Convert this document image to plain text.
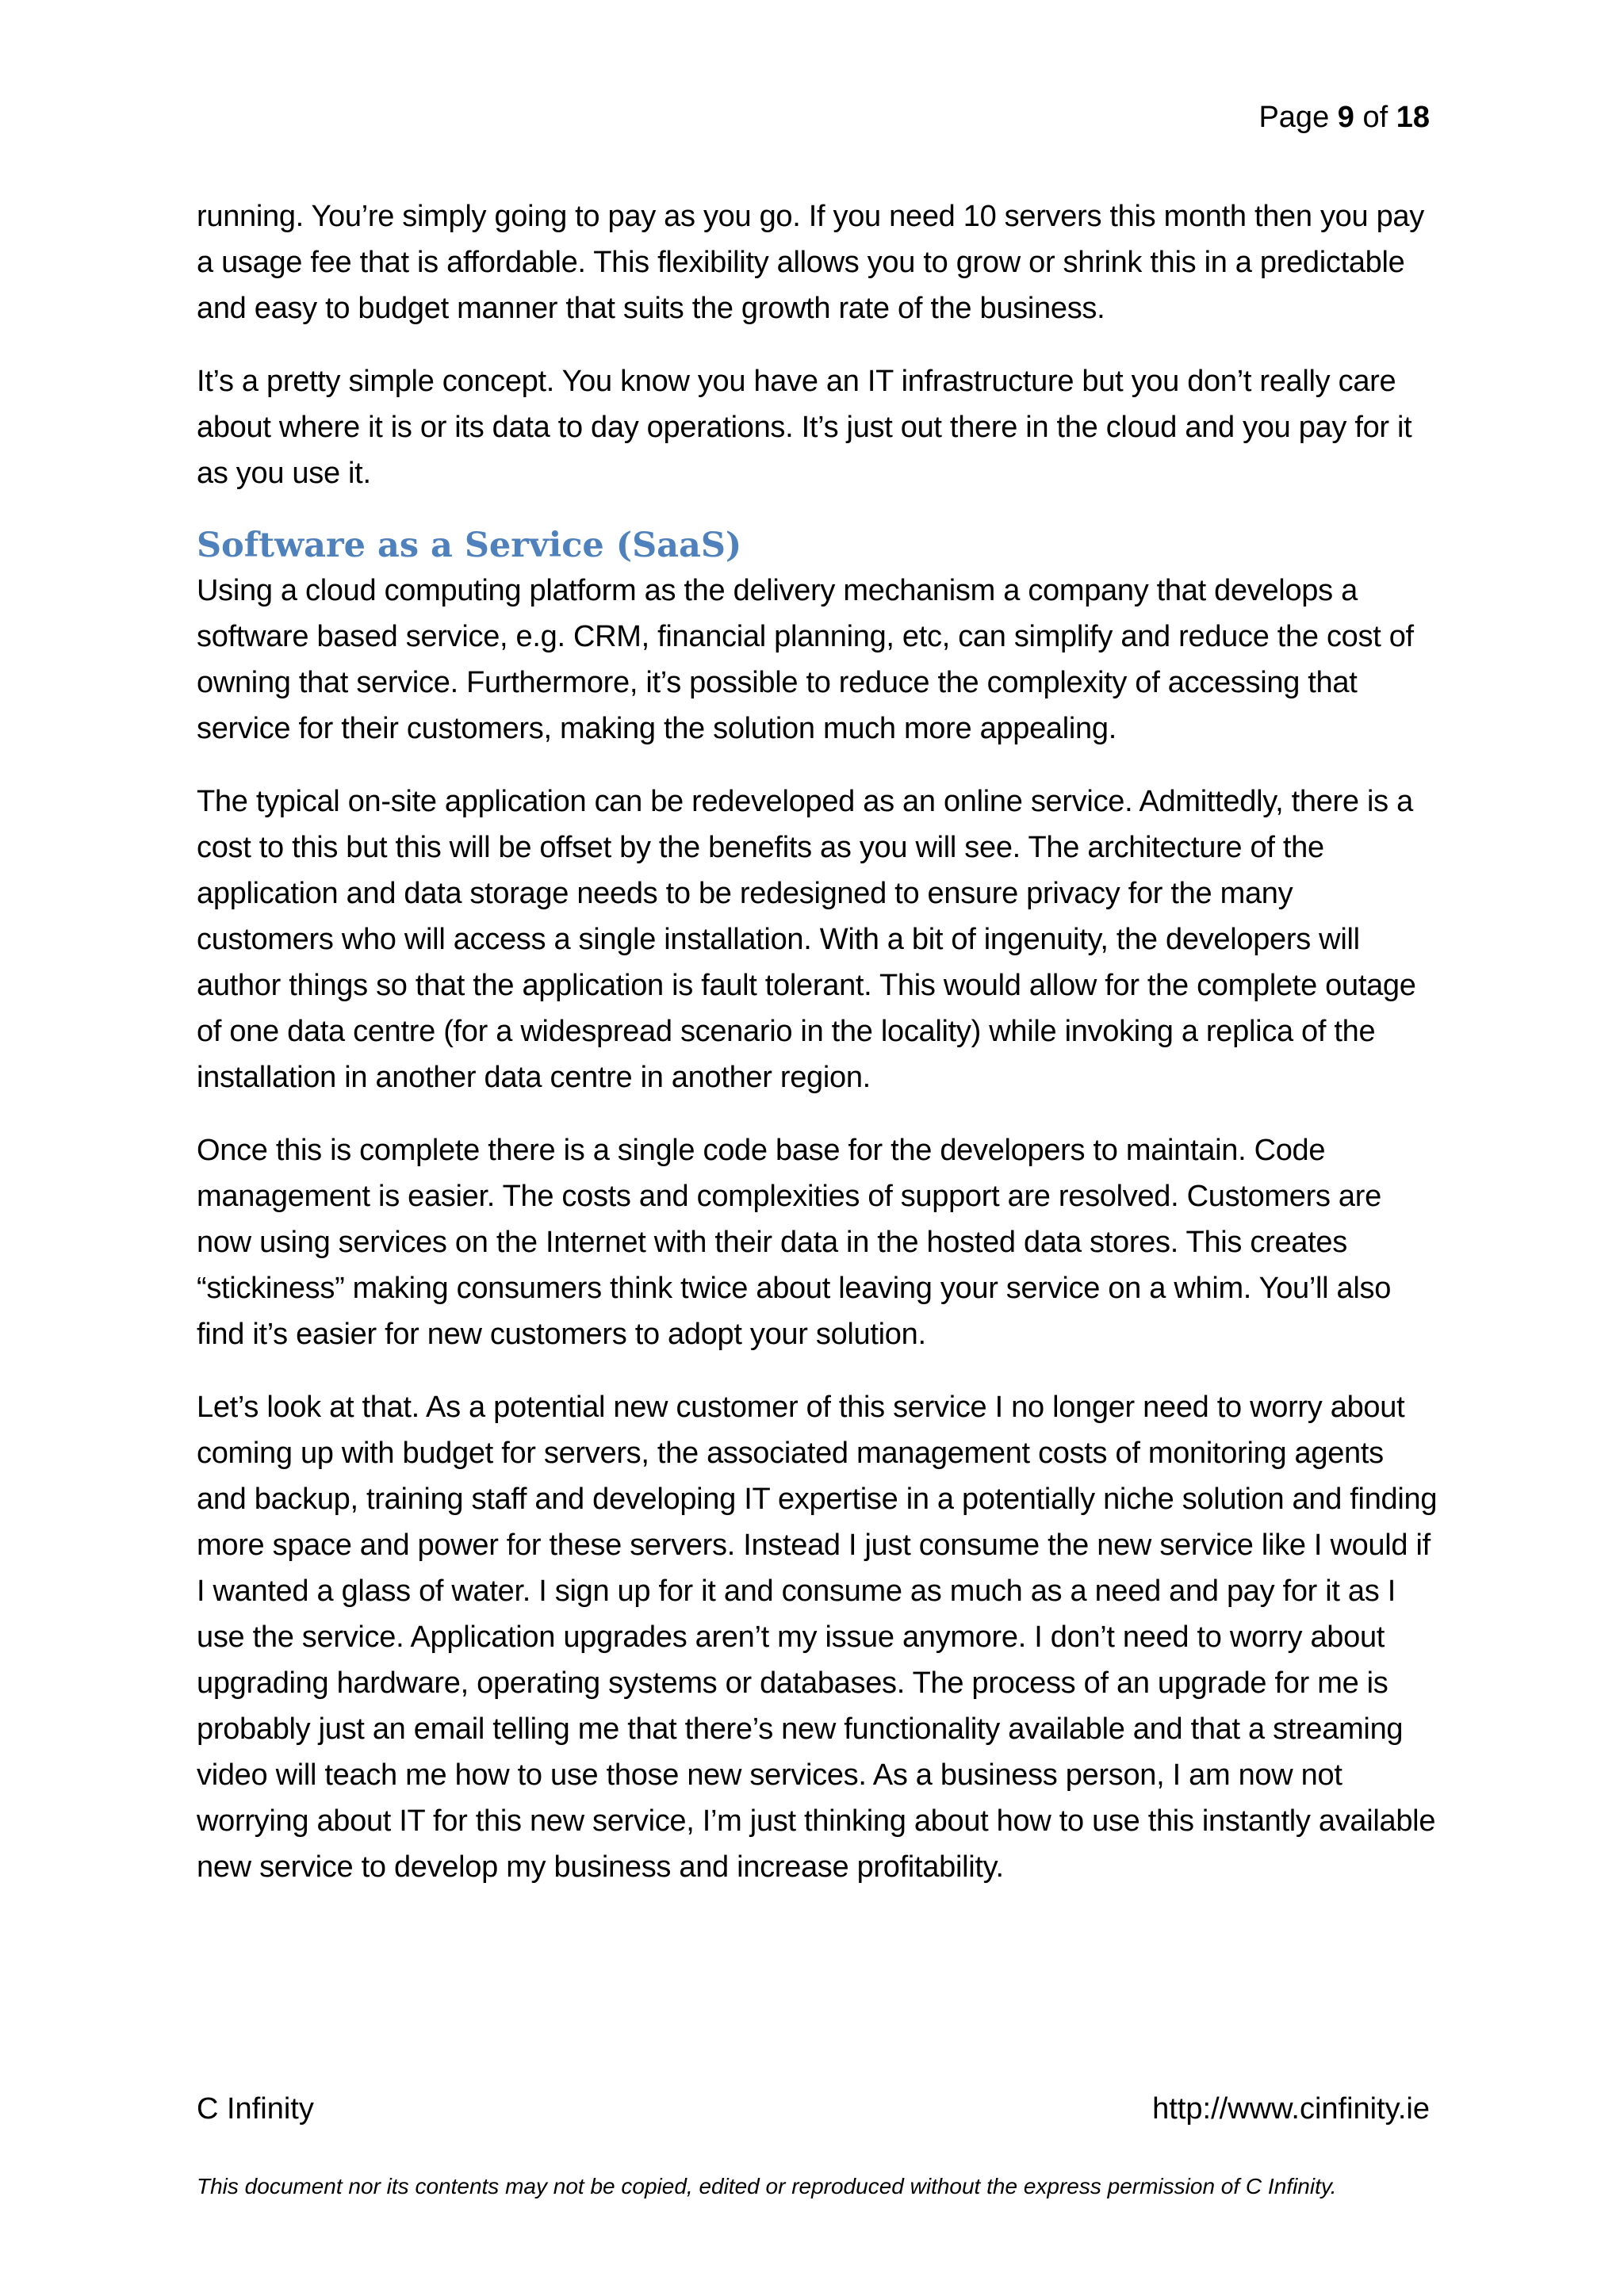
Page 9 of 18

running. You’re simply going to pay as you go. If you need 10 servers this month then you pay a usage fee that is affordable. This flexibility allows you to grow or shrink this in a predictable and easy to budget manner that suits the growth rate of the business.

It’s a pretty simple concept. You know you have an IT infrastructure but you don’t really care about where it is or its data to day operations. It’s just out there in the cloud and you pay for it as you use it.

Software as a Service (SaaS)

Using a cloud computing platform as the delivery mechanism a company that develops a software based service, e.g. CRM, financial planning, etc, can simplify and reduce the cost of owning that service. Furthermore, it’s possible to reduce the complexity of accessing that service for their customers, making the solution much more appealing.

The typical on-site application can be redeveloped as an online service. Admittedly, there is a cost to this but this will be offset by the benefits as you will see. The architecture of the application and data storage needs to be redesigned to ensure privacy for the many customers who will access a single installation. With a bit of ingenuity, the developers will author things so that the application is fault tolerant. This would allow for the complete outage of one data centre (for a widespread scenario in the locality) while invoking a replica of the installation in another data centre in another region.

Once this is complete there is a single code base for the developers to maintain. Code management is easier. The costs and complexities of support are resolved. Customers are now using services on the Internet with their data in the hosted data stores. This creates “stickiness” making consumers think twice about leaving your service on a whim. You’ll also find it’s easier for new customers to adopt your solution.

Let’s look at that. As a potential new customer of this service I no longer need to worry about coming up with budget for servers, the associated management costs of monitoring agents and backup, training staff and developing IT expertise in a potentially niche solution and finding more space and power for these servers. Instead I just consume the new service like I would if I wanted a glass of water. I sign up for it and consume as much as a need and pay for it as I use the service. Application upgrades aren’t my issue anymore. I don’t need to worry about upgrading hardware, operating systems or databases. The process of an upgrade for me is probably just an email telling me that there’s new functionality available and that a streaming video will teach me how to use those new services. As a business person, I am now not worrying about IT for this new service, I’m just thinking about how to use this instantly available new service to develop my business and increase profitability.

C Infinity	http://www.cinfinity.ie
This document nor its contents may not be copied, edited or reproduced without the express permission of C Infinity.
